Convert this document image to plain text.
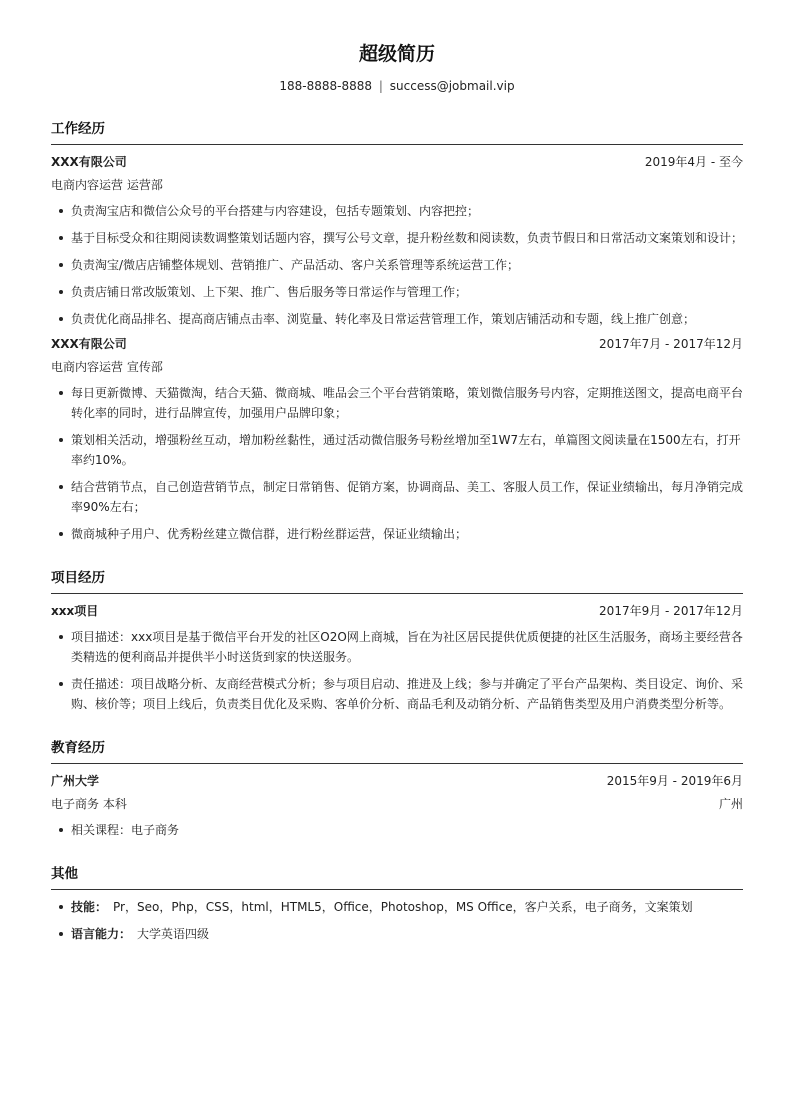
超级简历
188-8888-8888 | success@jobmail.vip
工作经历
XXX有限公司	2019年4月 - 至今
电商内容运营 运营部
负责淘宝店和微信公众号的平台搭建与内容建设，包括专题策划、内容把控；
基于目标受众和往期阅读数调整策划话题内容，撰写公号文章，提升粉丝数和阅读数，负责节假日和日常活动文案策划和设计；
负责淘宝/微店店铺整体规划、营销推广、产品活动、客户关系管理等系统运营工作；
负责店铺日常改版策划、上下架、推广、售后服务等日常运作与管理工作；
负责优化商品排名、提高商店铺点击率、浏览量、转化率及日常运营管理工作，策划店铺活动和专题，线上推广创意；
XXX有限公司	2017年7月 - 2017年12月
电商内容运营 宣传部
每日更新微博、天猫微淘，结合天猫、微商城、唯品会三个平台营销策略，策划微信服务号内容，定期推送图文，提高电商平台转化率的同时，进行品牌宣传，加强用户品牌印象；
策划相关活动，增强粉丝互动，增加粉丝黏性，通过活动微信服务号粉丝增加至1W7左右，单篇图文阅读量在1500左右，打开率约10%。
结合营销节点，自己创造营销节点，制定日常销售、促销方案，协调商品、美工、客服人员工作，保证业绩输出，每月净销完成率90%左右；
微商城种子用户、优秀粉丝建立微信群，进行粉丝群运营，保证业绩输出；
项目经历
xxx项目	2017年9月 - 2017年12月
项目描述：xxx项目是基于微信平台开发的社区O2O网上商城，旨在为社区居民提供优质便捷的社区生活服务，商场主要经营各类精选的便利商品并提供半小时送货到家的快送服务。
责任描述：项目战略分析、友商经营模式分析；参与项目启动、推进及上线；参与并确定了平台产品架构、类目设定、询价、采购、核价等；项目上线后，负责类目优化及采购、客单价分析、商品毛利及动销分析、产品销售类型及用户消费类型分析等。
教育经历
广州大学	2015年9月 - 2019年6月
电子商务 本科	广州
相关课程：电子商务
其他
技能： Pr，Seo，Php，CSS，html，HTML5，Office，Photoshop，MS Office，客户关系，电子商务，文案策划
语言能力： 大学英语四级
